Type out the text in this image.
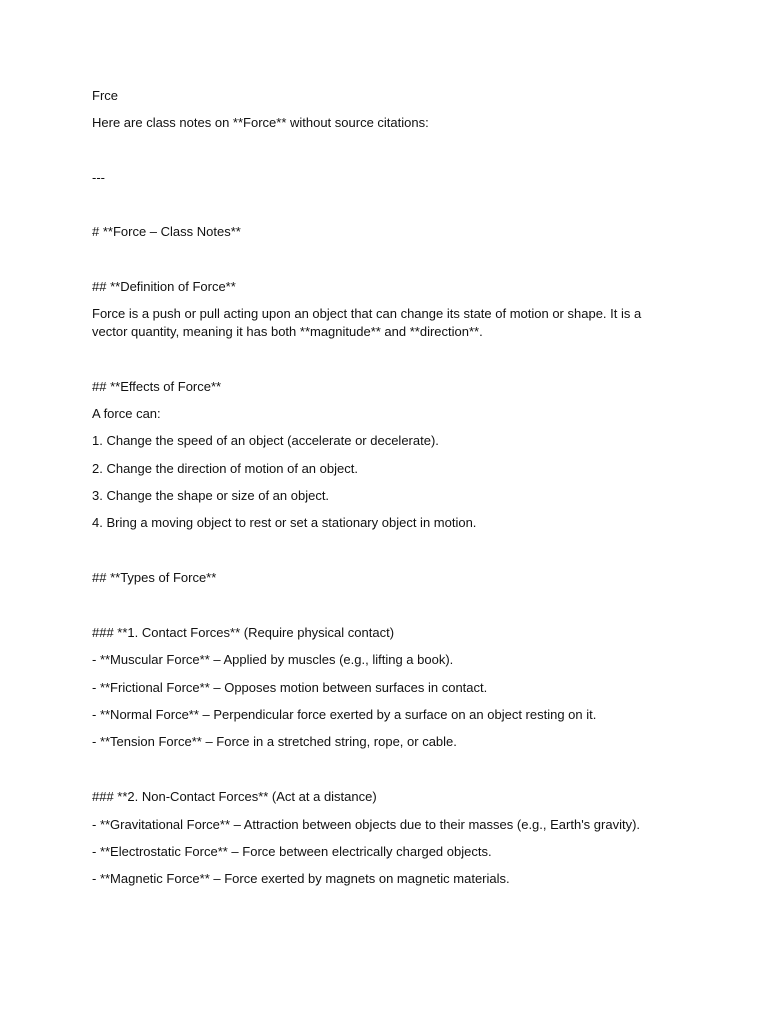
Frce
Here are class notes on **Force** without source citations:
---
# **Force – Class Notes**
## **Definition of Force**
Force is a push or pull acting upon an object that can change its state of motion or shape. It is a vector quantity, meaning it has both **magnitude** and **direction**.
## **Effects of Force**
A force can:
1. Change the speed of an object (accelerate or decelerate).
2. Change the direction of motion of an object.
3. Change the shape or size of an object.
4. Bring a moving object to rest or set a stationary object in motion.
## **Types of Force**
### **1. Contact Forces** (Require physical contact)
- **Muscular Force** – Applied by muscles (e.g., lifting a book).
- **Frictional Force** – Opposes motion between surfaces in contact.
- **Normal Force** – Perpendicular force exerted by a surface on an object resting on it.
- **Tension Force** – Force in a stretched string, rope, or cable.
### **2. Non-Contact Forces** (Act at a distance)
- **Gravitational Force** – Attraction between objects due to their masses (e.g., Earth's gravity).
- **Electrostatic Force** – Force between electrically charged objects.
- **Magnetic Force** – Force exerted by magnets on magnetic materials.
